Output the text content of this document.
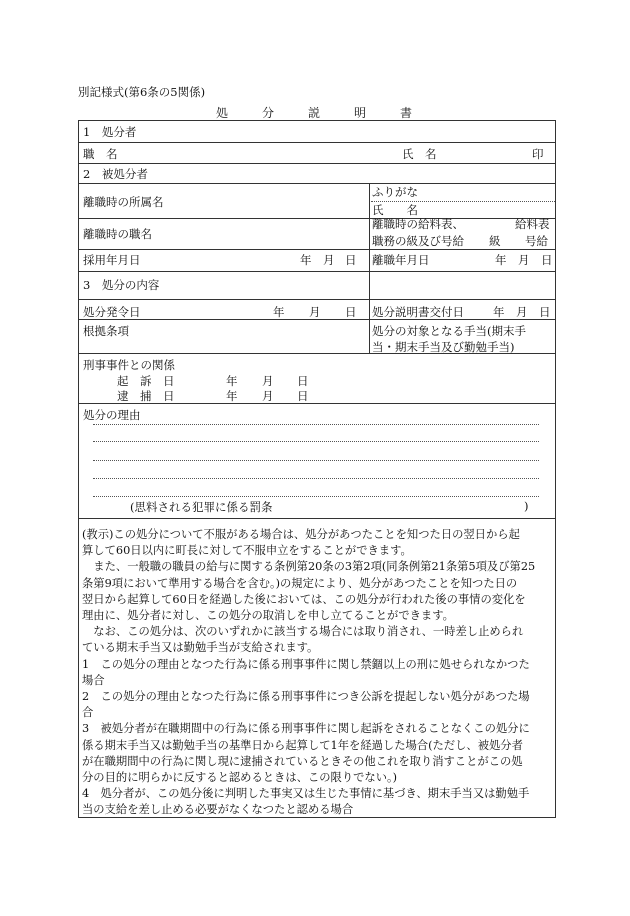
別記様式(第6条の5関係)
処	分	説	明	書
1　処分者
職　名	氏　名	印
2　被処分者
離職時の所属名
ふりがな
氏　　名
離職時の職名
離職時の給料表、	給料表
職務の級及び号給 級 号給
採用年月日	年 月 日 離職年月日	年 月 日
3　処分の内容
処分発令日	年 月 日 処分説明書交付日	年 月 日
根拠条項	処分の対象となる手当(期末手
当・期末手当及び勤勉手当)
刑事事件との関係
起　訴　日	年 月 日
逮　捕　日	年 月 日
処分の理由
(思料される犯罪に係る罰条	)

(教示)この処分について不服がある場合は、処分があつたことを知つた日の翌日から起

算して60日以内に町長に対して不服申立をすることができます。

　また、一般職の職員の給与に関する条例第20条の3第2項(同条例第21条第5項及び第25

条第9項において準用する場合を含む。)の規定により、処分があつたことを知つた日の

翌日から起算して60日を経過した後においては、この処分が行われた後の事情の変化を

理由に、処分者に対し、この処分の取消しを申し立てることができます。

　なお、この処分は、次のいずれかに該当する場合には取り消され、一時差し止められ

ている期末手当又は勤勉手当が支給されます。

1　この処分の理由となつた行為に係る刑事事件に関し禁錮以上の刑に処せられなかつた

場合

2　この処分の理由となつた行為に係る刑事事件につき公訴を提起しない処分があつた場

合

3　被処分者が在職期間中の行為に係る刑事事件に関し起訴をされることなくこの処分に

係る期末手当又は勤勉手当の基準日から起算して1年を経過した場合(ただし、被処分者

が在職期間中の行為に関し現に逮捕されているときその他これを取り消すことがこの処

分の目的に明らかに反すると認めるときは、この限りでない。)

4　処分者が、この処分後に判明した事実又は生じた事情に基づき、期末手当又は勤勉手

当の支給を差し止める必要がなくなつたと認める場合
